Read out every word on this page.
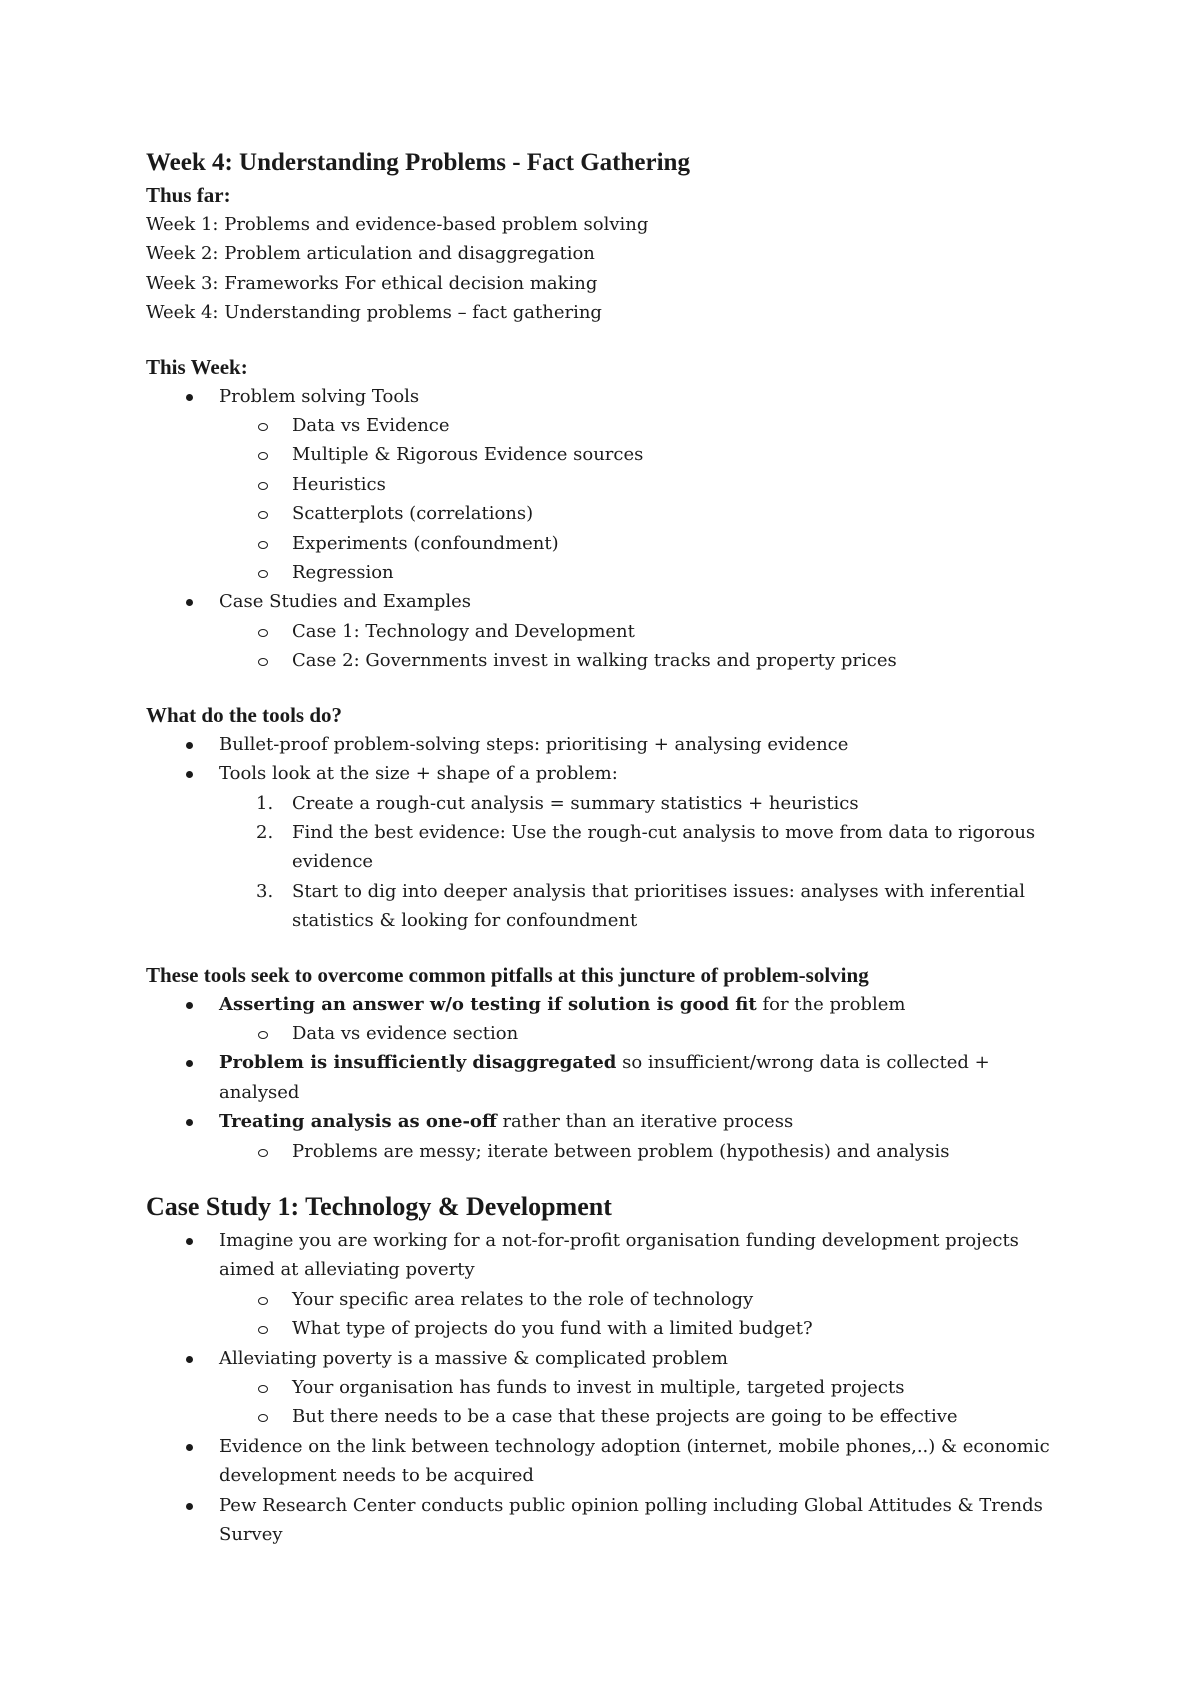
Week 4: Understanding Problems - Fact Gathering
Thus far:
Week 1: Problems and evidence-based problem solving
Week 2: Problem articulation and disaggregation
Week 3: Frameworks For ethical decision making
Week 4: Understanding problems – fact gathering
This Week:
Problem solving Tools
Data vs Evidence
Multiple & Rigorous Evidence sources
Heuristics
Scatterplots (correlations)
Experiments (confoundment)
Regression
Case Studies and Examples
Case 1: Technology and Development
Case 2: Governments invest in walking tracks and property prices
What do the tools do?
Bullet-proof problem-solving steps: prioritising + analysing evidence
Tools look at the size + shape of a problem:
1. Create a rough-cut analysis = summary statistics + heuristics
2. Find the best evidence: Use the rough-cut analysis to move from data to rigorous
evidence
3. Start to dig into deeper analysis that prioritises issues: analyses with inferential
statistics & looking for confoundment
These tools seek to overcome common pitfalls at this juncture of problem-solving
Asserting an answer w/o testing if solution is good fit for the problem
Data vs evidence section
Problem is insufficiently disaggregated so insufficient/wrong data is collected + analysed
Treating analysis as one-off rather than an iterative process
Problems are messy; iterate between problem (hypothesis) and analysis
Case Study 1: Technology & Development
Imagine you are working for a not-for-profit organisation funding development projects
aimed at alleviating poverty
Your specific area relates to the role of technology
What type of projects do you fund with a limited budget?
Alleviating poverty is a massive & complicated problem
Your organisation has funds to invest in multiple, targeted projects
But there needs to be a case that these projects are going to be effective
Evidence on the link between technology adoption (internet, mobile phones,..) & economic
development needs to be acquired
Pew Research Center conducts public opinion polling including Global Attitudes & Trends
Survey
